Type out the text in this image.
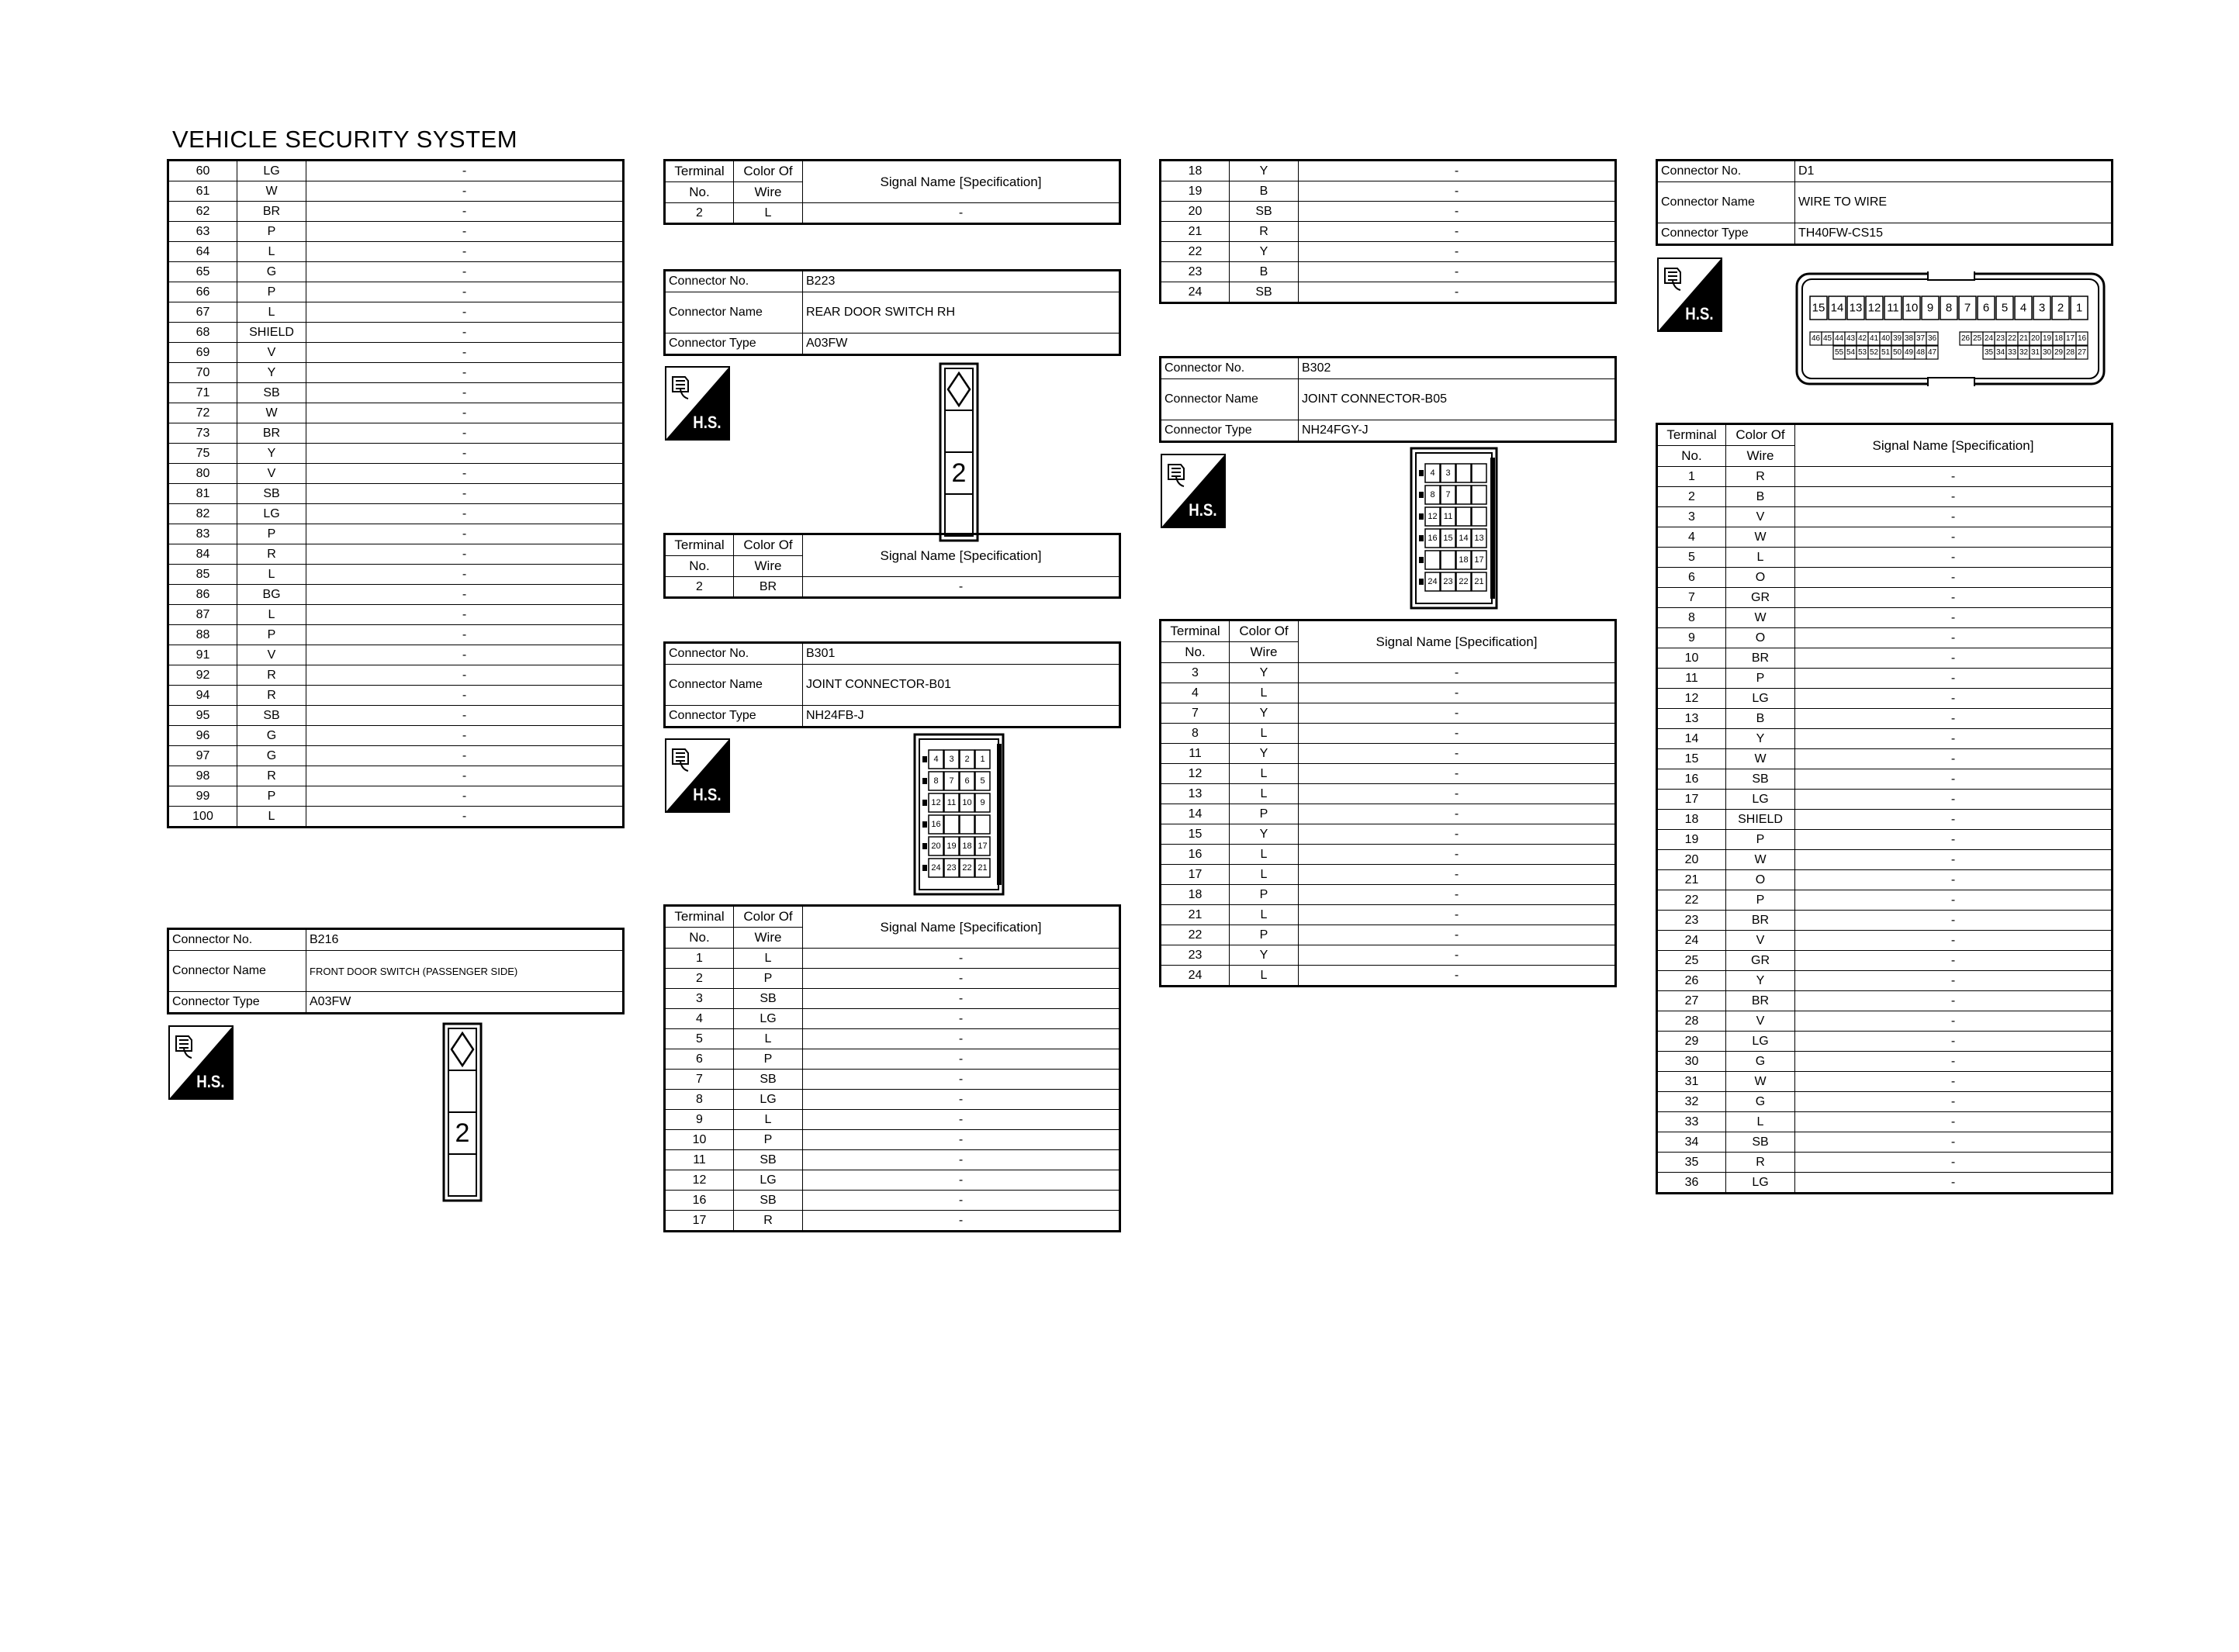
VEHICLE SECURITY SYSTEM
60	LG	-
61	W	-
62	BR	-
63	P	-
64	L	-
65	G	-
66	P	-
67	L	-
68	SHIELD	-
69	V	-
70	Y	-
71	SB	-
72	W	-
73	BR	-
75	Y	-
80	V	-
81	SB	-
82	LG	-
83	P	-
84	R	-
85	L	-
86	BG	-
87	L	-
88	P	-
91	V	-
92	R	-
94	R	-
95	SB	-
96	G	-
97	G	-
98	R	-
99	P	-
100	L	-
Connector No.	B216
Connector Name	FRONT DOOR SWITCH (PASSENGER SIDE)
Connector Type	A03FW
H.S.
2
Terminal	Color Of	Signal Name [Specification]
No.	Wire	
2	L	-
Connector No.	B223
Connector Name	REAR DOOR SWITCH RH
Connector Type	A03FW
H.S.
2
Terminal	Color Of	Signal Name [Specification]
No.	Wire	
2	BR	-
Connector No.	B301
Connector Name	JOINT CONNECTOR-B01
Connector Type	NH24FB-J
H.S.
4 3 2 1
8 7 6 5
12 11 10 9
16
20 19 18 17
24 23 22 21
Terminal	Color Of	Signal Name [Specification]
No.	Wire	
1	L	-
2	P	-
3	SB	-
4	LG	-
5	L	-
6	P	-
7	SB	-
8	LG	-
9	L	-
10	P	-
11	SB	-
12	LG	-
16	SB	-
17	R	-
18	Y	-
19	B	-
20	SB	-
21	R	-
22	Y	-
23	B	-
24	SB	-
Connector No.	B302
Connector Name	JOINT CONNECTOR-B05
Connector Type	NH24FGY-J
H.S.
4 3
8 7
12 11
16 15 14 13
18 17
24 23 22 21
Terminal	Color Of	Signal Name [Specification]
No.	Wire	
3	Y	-
4	L	-
7	Y	-
8	L	-
11	Y	-
12	L	-
13	L	-
14	P	-
15	Y	-
16	L	-
17	L	-
18	P	-
21	L	-
22	P	-
23	Y	-
24	L	-
Connector No.	D1
Connector Name	WIRE TO WIRE
Connector Type	TH40FW-CS15
H.S.	15 14 13 12 11 10 9 8 7 6 5 4 3 2 1
46 45 44 43 42 41 40 39 38 37 36	26 25 24 23 22 21 20 19 18 17 16
55 54 53 52 51 50 49 48 47	35 34 33 32 31 30 29 28 27
Terminal	Color Of	Signal Name [Specification]
No.	Wire	
1	R	-
2	B	-
3	V	-
4	W	-
5	L	-
6	O	-
7	GR	-
8	W	-
9	O	-
10	BR	-
11	P	-
12	LG	-
13	B	-
14	Y	-
15	W	-
16	SB	-
17	LG	-
18	SHIELD	-
19	P	-
20	W	-
21	O	-
22	P	-
23	BR	-
24	V	-
25	GR	-
26	Y	-
27	BR	-
28	V	-
29	LG	-
30	G	-
31	W	-
32	G	-
33	L	-
34	SB	-
35	R	-
36	LG	-
